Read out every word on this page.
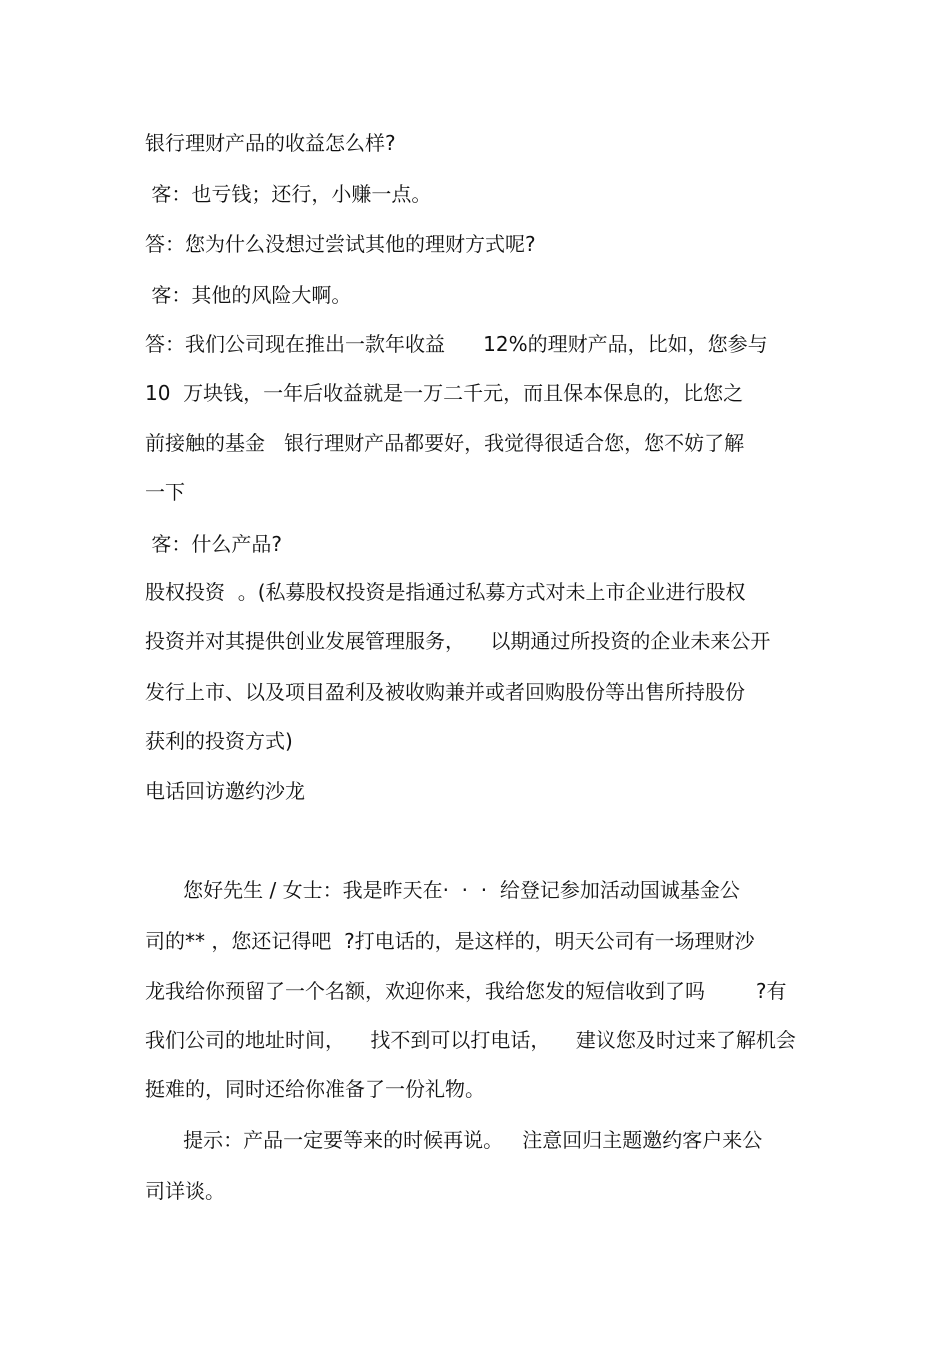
银行理财产品的收益怎么样?
客：也亏钱；还行，小赚一点。
答：您为什么没想过尝试其他的理财方式呢?
客：其他的风险大啊。
答：我们公司现在推出一款年收益      12%的理财产品，比如，您参与
10  万块钱，一年后收益就是一万二千元，而且保本保息的，比您之
前接触的基金   银行理财产品都要好，我觉得很适合您，您不妨了解
一下
客：什么产品?
股权投资  。(私募股权投资是指通过私募方式对未上市企业进行股权
投资并对其提供创业发展管理服务，    以期通过所投资的企业未来公开
发行上市、以及项目盈利及被收购兼并或者回购股份等出售所持股份
获利的投资方式)
电话回访邀约沙龙
您好先生 / 女士：我是昨天在·  ·  ·  给登记参加活动国诚基金公
司的** ，您还记得吧  ?打电话的，是这样的，明天公司有一场理财沙
龙我给你预留了一个名额，欢迎你来，我给您发的短信收到了吗        ?有
我们公司的地址时间，    找不到可以打电话，    建议您及时过来了解机会
挺难的，同时还给你准备了一份礼物。
提示：产品一定要等来的时候再说。   注意回归主题邀约客户来公
司详谈。
